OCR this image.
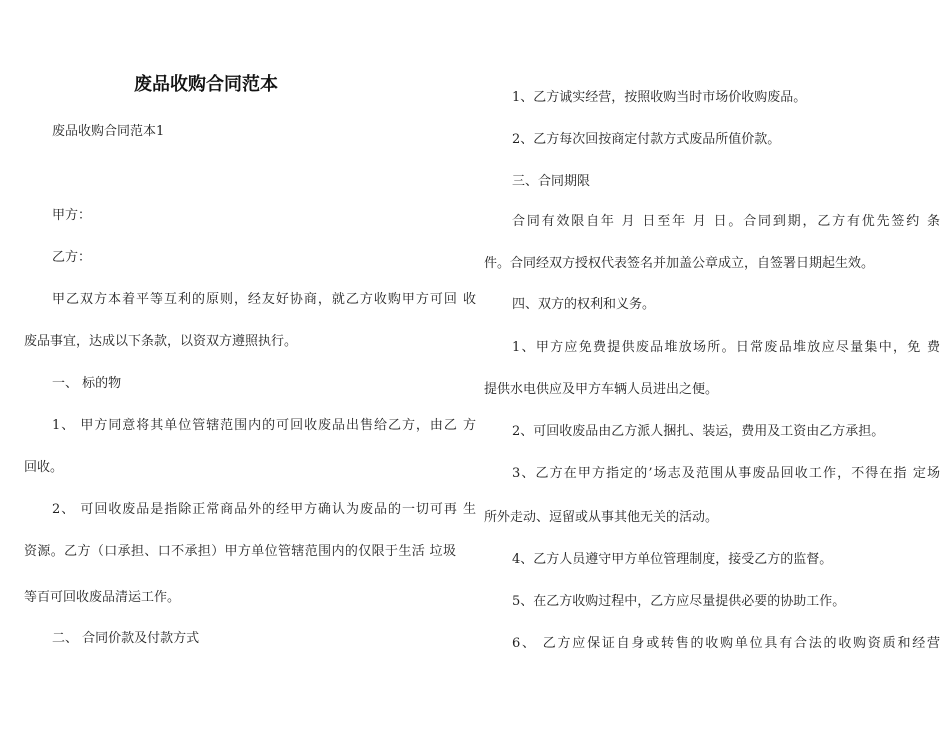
废品收购合同范本
废品收购合同范本1
甲方：
乙方：
甲乙双方本着平等互利的原则，经友好协商，就乙方收购甲方可回 收
废品事宜，达成以下条款，以资双方遵照执行。
一、 标的物
1、 甲方同意将其单位管辖范围内的可回收废品出售给乙方，由乙 方
回收。
2、 可回收废品是指除正常商品外的经甲方确认为废品的一切可再 生
资源。乙方（口承担、口不承担）甲方单位管辖范围内的仅限于生活 垃圾
等百可回收废品清运工作。
二、 合同价款及付款方式
1、乙方诚实经营，按照收购当时市场价收购废品。
2、乙方每次回按商定付款方式废品所值价款。
三、合同期限
合同有效限自年 月 日至年 月 日。合同到期，乙方有优先签约 条
件。合同经双方授权代表签名并加盖公章成立，自签署日期起生效。
四、双方的权利和义务。
1、甲方应免费提供废品堆放场所。日常废品堆放应尽量集中，免 费
提供水电供应及甲方车辆人员进出之便。
2、可回收废品由乙方派人捆扎、装运，费用及工资由乙方承担。
3、乙方在甲方指定的’场志及范围从事废品回收工作，不得在指 定场
所外走动、逗留或从事其他无关的活动。
4、乙方人员遵守甲方单位管理制度，接受乙方的监督。
5、在乙方收购过程中，乙方应尽量提供必要的协助工作。
6、 乙方应保证自身或转售的收购单位具有合法的收购资质和经营
